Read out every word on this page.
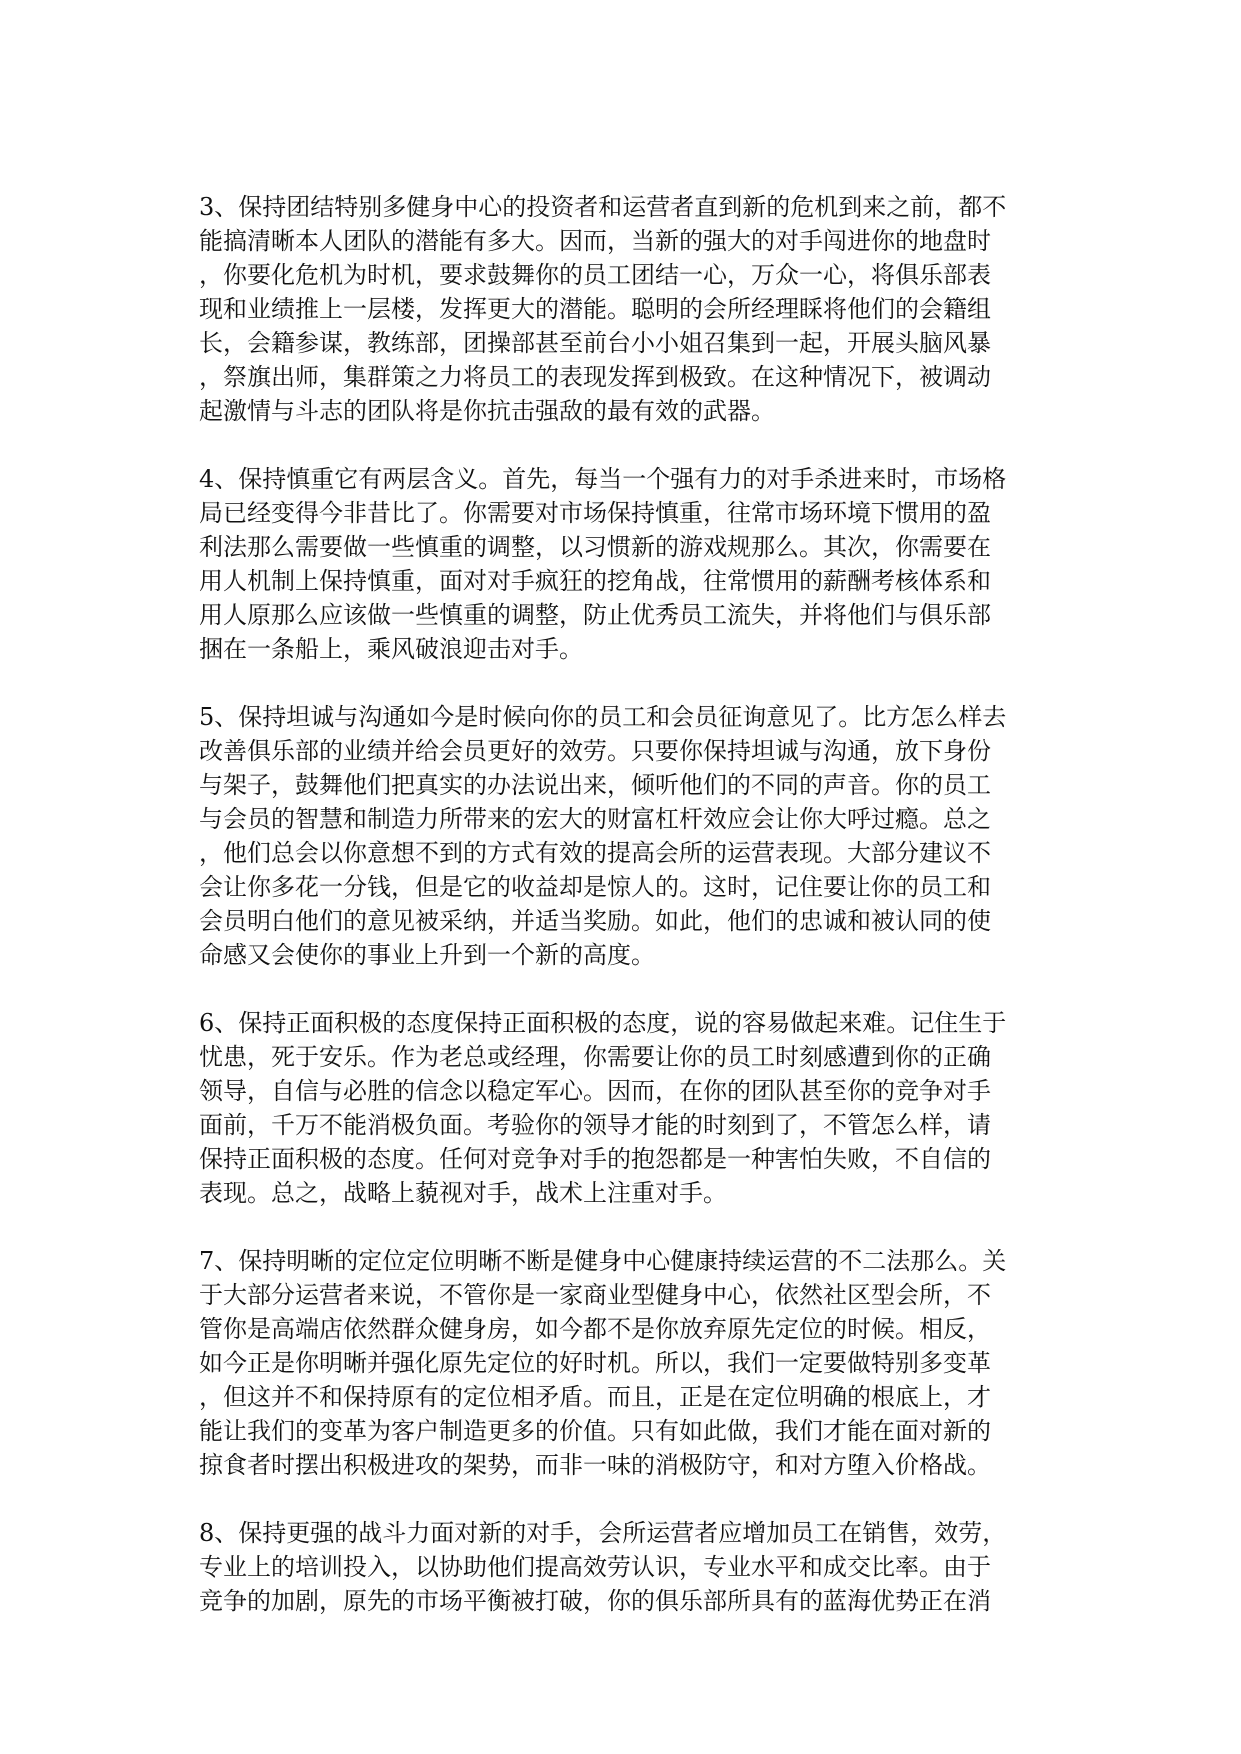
3、保持团结特别多健身中心的投资者和运营者直到新的危机到来之前，都不
能搞清晰本人团队的潜能有多大。因而，当新的强大的对手闯进你的地盘时
，你要化危机为时机，要求鼓舞你的员工团结一心，万众一心，将俱乐部表
现和业绩推上一层楼，发挥更大的潜能。聪明的会所经理睬将他们的会籍组
长，会籍参谋，教练部，团操部甚至前台小小姐召集到一起，开展头脑风暴
，祭旗出师，集群策之力将员工的表现发挥到极致。在这种情况下，被调动
起激情与斗志的团队将是你抗击强敌的最有效的武器。
4、保持慎重它有两层含义。首先，每当一个强有力的对手杀进来时，市场格
局已经变得今非昔比了。你需要对市场保持慎重，往常市场环境下惯用的盈
利法那么需要做一些慎重的调整，以习惯新的游戏规那么。其次，你需要在
用人机制上保持慎重，面对对手疯狂的挖角战，往常惯用的薪酬考核体系和
用人原那么应该做一些慎重的调整，防止优秀员工流失，并将他们与俱乐部
捆在一条船上，乘风破浪迎击对手。
5、保持坦诚与沟通如今是时候向你的员工和会员征询意见了。比方怎么样去
改善俱乐部的业绩并给会员更好的效劳。只要你保持坦诚与沟通，放下身份
与架子，鼓舞他们把真实的办法说出来，倾听他们的不同的声音。你的员工
与会员的智慧和制造力所带来的宏大的财富杠杆效应会让你大呼过瘾。总之
，他们总会以你意想不到的方式有效的提高会所的运营表现。大部分建议不
会让你多花一分钱，但是它的收益却是惊人的。这时，记住要让你的员工和
会员明白他们的意见被采纳，并适当奖励。如此，他们的忠诚和被认同的使
命感又会使你的事业上升到一个新的高度。
6、保持正面积极的态度保持正面积极的态度，说的容易做起来难。记住生于
忧患，死于安乐。作为老总或经理，你需要让你的员工时刻感遭到你的正确
领导，自信与必胜的信念以稳定军心。因而，在你的团队甚至你的竞争对手
面前，千万不能消极负面。考验你的领导才能的时刻到了，不管怎么样，请
保持正面积极的态度。任何对竞争对手的抱怨都是一种害怕失败，不自信的
表现。总之，战略上藐视对手，战术上注重对手。
7、保持明晰的定位定位明晰不断是健身中心健康持续运营的不二法那么。关
于大部分运营者来说，不管你是一家商业型健身中心，依然社区型会所，不
管你是高端店依然群众健身房，如今都不是你放弃原先定位的时候。相反，
如今正是你明晰并强化原先定位的好时机。所以，我们一定要做特别多变革
，但这并不和保持原有的定位相矛盾。而且，正是在定位明确的根底上，才
能让我们的变革为客户制造更多的价值。只有如此做，我们才能在面对新的
掠食者时摆出积极进攻的架势，而非一味的消极防守，和对方堕入价格战。
8、保持更强的战斗力面对新的对手，会所运营者应增加员工在销售，效劳，
专业上的培训投入，以协助他们提高效劳认识，专业水平和成交比率。由于
竞争的加剧，原先的市场平衡被打破，你的俱乐部所具有的蓝海优势正在消
